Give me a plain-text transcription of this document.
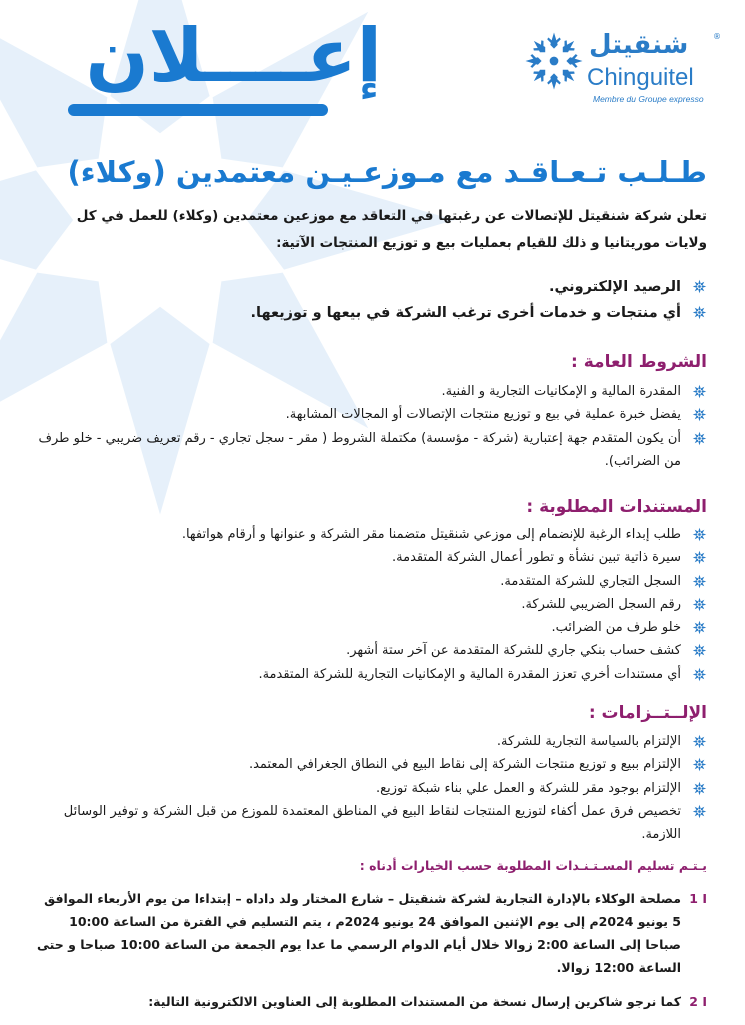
شنقيتل	®
Chinguitel
Membre du Groupe expresso
إعــــلان
طـلـب تـعـاقـد مع مـوزعـيـن معتمدين (وكلاء)

تعلن شركة شنقيتل للإتصالات عن رغبتها في التعاقد مع موزعين معتمدين (وكلاء) للعمل في كل ولايات موريتانيا و ذلك للقيام بعمليات بيع و توزيع المنتجات الآتية:

الرصيد الإلكتروني.
أي منتجات و خدمات أخرى ترغب الشركة في بيعها و توزيعها.
الشروط العامة :
المقدرة المالية و الإمكانيات التجارية و الفنية.
يفضل خبرة عملية في بيع و توزيع منتجات الإتصالات أو المجالات المشابهة.
أن يكون المتقدم جهة إعتبارية (شركة - مؤسسة) مكتملة الشروط ( مقر - سجل تجاري - رقم تعريف ضريبي - خلو طرف من الضرائب).
المستندات المطلوبة :
طلب إبداء الرغبة للإنضمام إلى موزعي شنقيتل متضمنا مقر الشركة و عنوانها و أرقام هواتفها.
سيرة ذاتية تبين نشأة و تطور أعمال الشركة المتقدمة.
السجل التجاري للشركة المتقدمة.
رقم السجل الضريبي للشركة.
خلو طرف من الضرائب.
كشف حساب بنكي جاري للشركة المتقدمة عن آخر ستة أشهر.
أي مستندات أخري تعزز المقدرة المالية و الإمكانيات التجارية للشركة المتقدمة.
الإلــتــزامات :
الإلتزام بالسياسة التجارية للشركة.
الإلتزام ببيع و توزيع منتجات الشركة إلى نقاط البيع في النطاق الجغرافي المعتمد.
الإلتزام بوجود مقر للشركة و العمل علي بناء شبكة توزيع.
تخصيص فرق عمل أكفاء لتوزيع المنتجات لنقاط البيع في المناطق المعتمدة للموزع من قبل الشركة و توفير الوسائل اللازمة.
يـتـم تسليم المسـتـنـدات المطلوبة حسب الخيارات أدناه :
1 I
مصلحة الوكلاء بالإدارة التجارية لشركة شنقيتل – شارع المختار ولد داداه – إبتداءا من يوم الأربعاء الموافق 5 يونيو 2024م إلى يوم الإثنين الموافق 24 يونيو 2024م ، يتم التسليم في الفترة من الساعة 10:00 صباحا إلى الساعة 2:00 زوالا خلال أيام الدوام الرسمي ما عدا يوم الجمعة من الساعة 10:00 صباحا و حتى الساعة 12:00 زوالا.
2 I
كما نرجو شاكرين إرسال نسخة من المستندات المطلوبة إلى العناوين الالكترونية التالية:
